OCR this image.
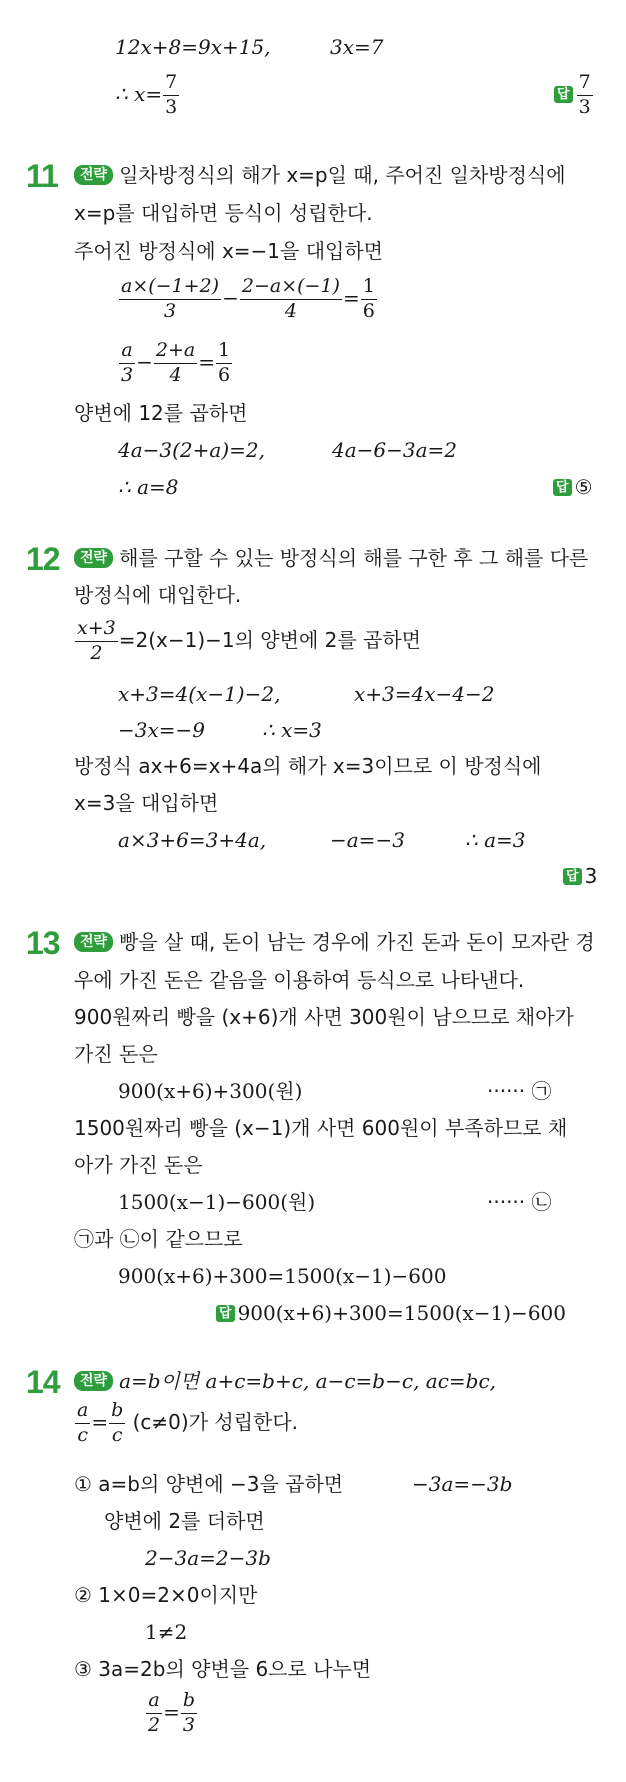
12x+8=9x+15,	3x=7
∴ $x= \frac{7}{3}$	답 $\frac{7}{3}$
11	전략 일차방정식의 해가 x=p일 때, 주어진 일차방정식에
x=p를 대입하면 등식이 성립한다.
주어진 방정식에 x=−1을 대입하면
$\frac{a\times(-1+2)}{3} - \frac{2-a\times(-1)}{4} = \frac{1}{6}$
$\frac{a}{3} - \frac{2+a}{4} = \frac{1}{6}$
양변에 12를 곱하면
4a−3(2+a)=2,	4a−6−3a=2
∴ a=8	답 ⑤
12	전략 해를 구할 수 있는 방정식의 해를 구한 후 그 해를 다른
방정식에 대입한다.
$\frac{x+3}{2} =2(x-1)-1$의 양변에 2를 곱하면
x+3=4(x−1)−2,	x+3=4x−4−2
−3x=−9	∴ x=3
방정식 ax+6=x+4a의 해가 x=3이므로 이 방정식에
x=3을 대입하면
a×3+6=3+4a,	−a=−3	∴ a=3
답 3
13	전략 빵을 살 때, 돈이 남는 경우에 가진 돈과 돈이 모자란 경
우에 가진 돈은 같음을 이용하여 등식으로 나타낸다.
900원짜리 빵을 (x+6)개 사면 300원이 남으므로 채아가
가진 돈은
900(x+6)+300(원)	······ ㉠
1500원짜리 빵을 (x−1)개 사면 600원이 부족하므로 채
아가 가진 돈은
1500(x−1)−600(원)	······ ㉡
㉠과 ㉡이 같으므로
900(x+6)+300=1500(x−1)−600
답 900(x+6)+300=1500(x−1)−600
14	전략 a=b이면 a+c=b+c, a−c=b−c, ac=bc,
$\frac{a}{c} = \frac{b}{c} (c\ne 0)$가 성립한다.
① a=b의 양변에 −3을 곱하면	−3a=−3b
양변에 2를 더하면
2−3a=2−3b
② 1×0=2×0이지만
1≠2
③ 3a=2b의 양변을 6으로 나누면
$\frac{a}{2} = \frac{b}{3}$
